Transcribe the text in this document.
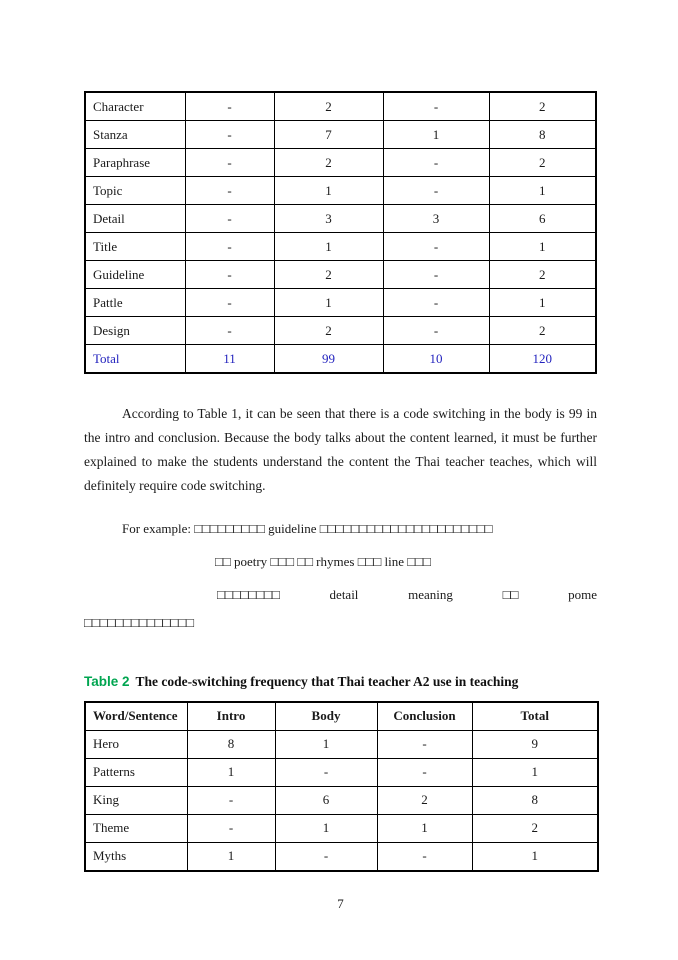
Character	-	2	-	2
Stanza	-	7	1	8
Paraphrase	-	2	-	2
Topic	-	1	-	1
Detail	-	3	3	6
Title	-	1	-	1
Guideline	-	2	-	2
Pattle	-	1	-	1
Design	-	2	-	2
Total	11	99	10	120

According to Table 1, it can be seen that there is a code switching in the body is 99 in the intro and conclusion. Because the body talks about the content learned, it must be further explained to make the students understand the content the Thai teacher teaches, which will definitely require code switching.

For example: □□□□□□□□□ guideline □□□□□□□□□□□□□□□□□□□□□□
□□ poetry □□□ □□ rhymes □□□ line □□□
□□□□□□□□	detail	meaning	□□	pome
□□□□□□□□□□□□□□
Table 2 The code-switching frequency that Thai teacher A2 use in teaching
Word/Sentence	Intro	Body	Conclusion	Total
Hero	8	1	-	9
Patterns	1	-	-	1
King	-	6	2	8
Theme	-	1	1	2
Myths	1	-	-	1
7
